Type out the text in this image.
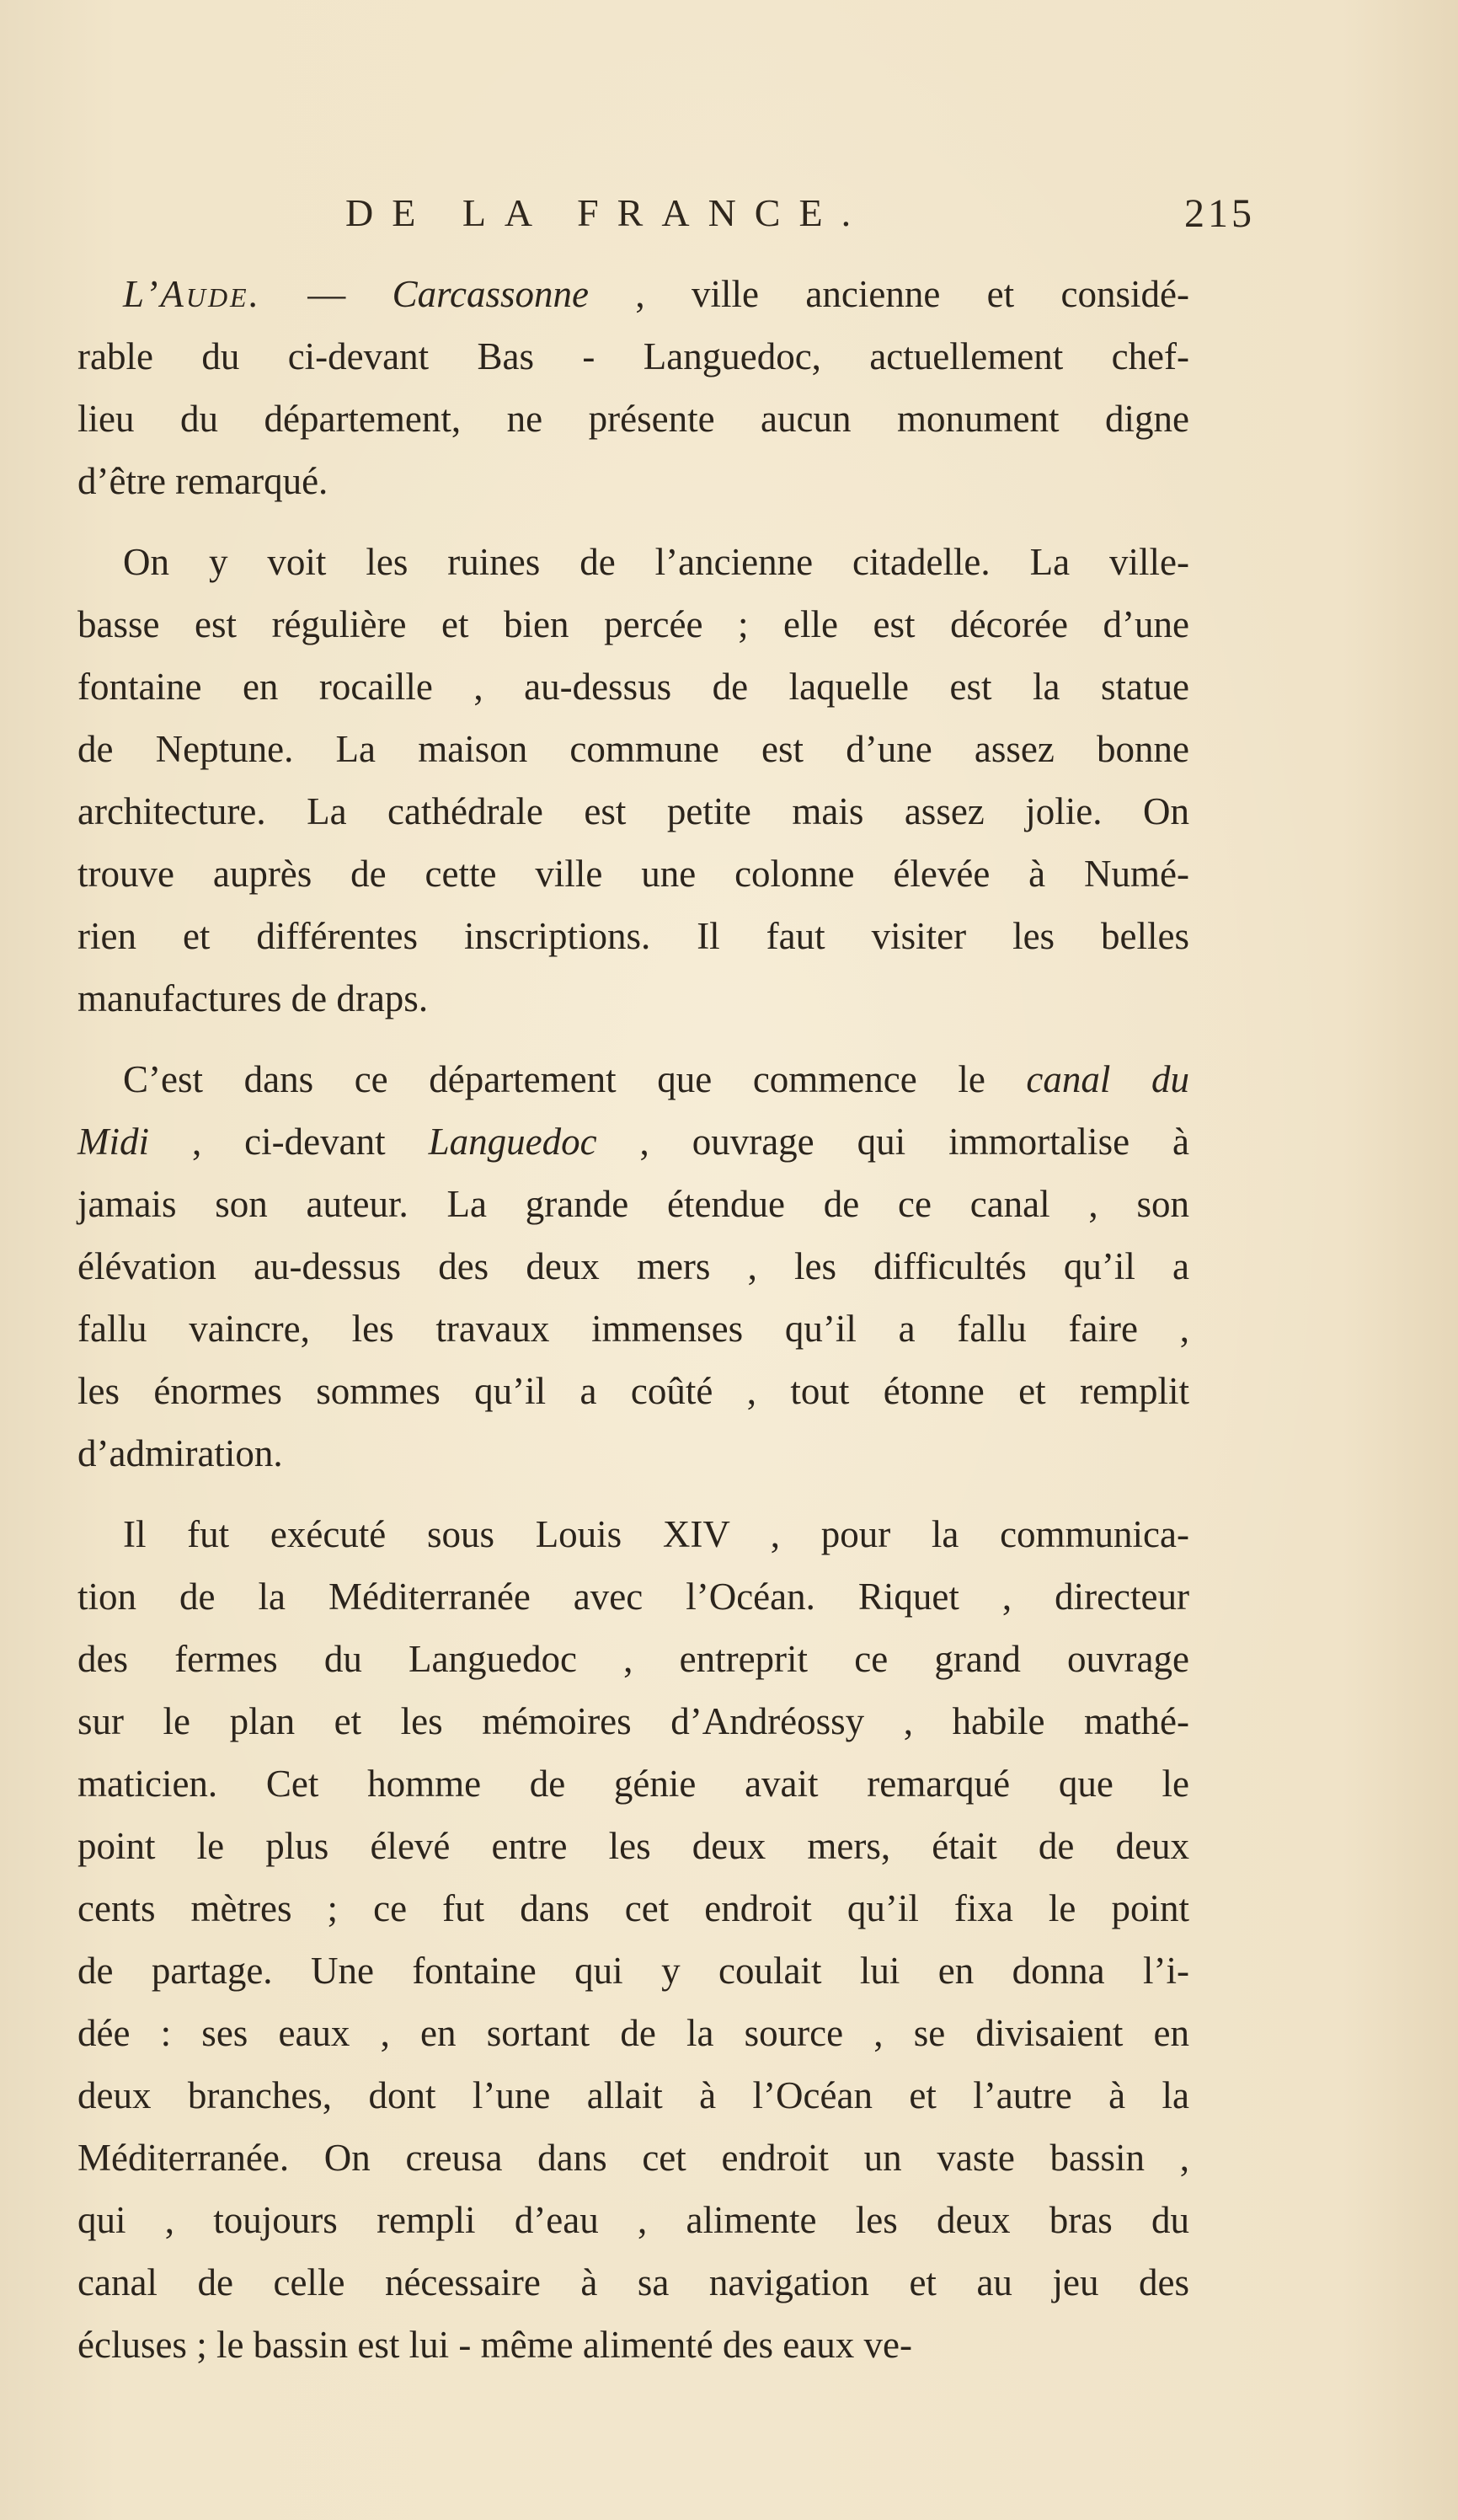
DE LA FRANCE.	215
L’Aude. — Carcassonne , ville ancienne et considé-
rable du ci-devant Bas - Languedoc, actuellement chef-
lieu du département, ne présente aucun monument digne
d’être remarqué.
On y voit les ruines de l’ancienne citadelle. La ville-
basse est régulière et bien percée ; elle est décorée d’une
fontaine en rocaille , au-dessus de laquelle est la statue
de Neptune. La maison commune est d’une assez bonne
architecture. La cathédrale est petite mais assez jolie. On
trouve auprès de cette ville une colonne élevée à Numé-
rien et différentes inscriptions. Il faut visiter les belles
manufactures de draps.
C’est dans ce département que commence le canal du
Midi , ci-devant Languedoc , ouvrage qui immortalise à
jamais son auteur. La grande étendue de ce canal , son
élévation au-dessus des deux mers , les difficultés qu’il a
fallu vaincre, les travaux immenses qu’il a fallu faire ,
les énormes sommes qu’il a coûté , tout étonne et remplit
d’admiration.
Il fut exécuté sous Louis XIV , pour la communica-
tion de la Méditerranée avec l’Océan. Riquet , directeur
des fermes du Languedoc , entreprit ce grand ouvrage
sur le plan et les mémoires d’Andréossy , habile mathé-
maticien. Cet homme de génie avait remarqué que le
point le plus élevé entre les deux mers, était de deux
cents mètres ; ce fut dans cet endroit qu’il fixa le point
de partage. Une fontaine qui y coulait lui en donna l’i-
dée : ses eaux , en sortant de la source , se divisaient en
deux branches, dont l’une allait à l’Océan et l’autre à la
Méditerranée. On creusa dans cet endroit un vaste bassin ,
qui , toujours rempli d’eau , alimente les deux bras du
canal de celle nécessaire à sa navigation et au jeu des
écluses ; le bassin est lui - même alimenté des eaux ve-
